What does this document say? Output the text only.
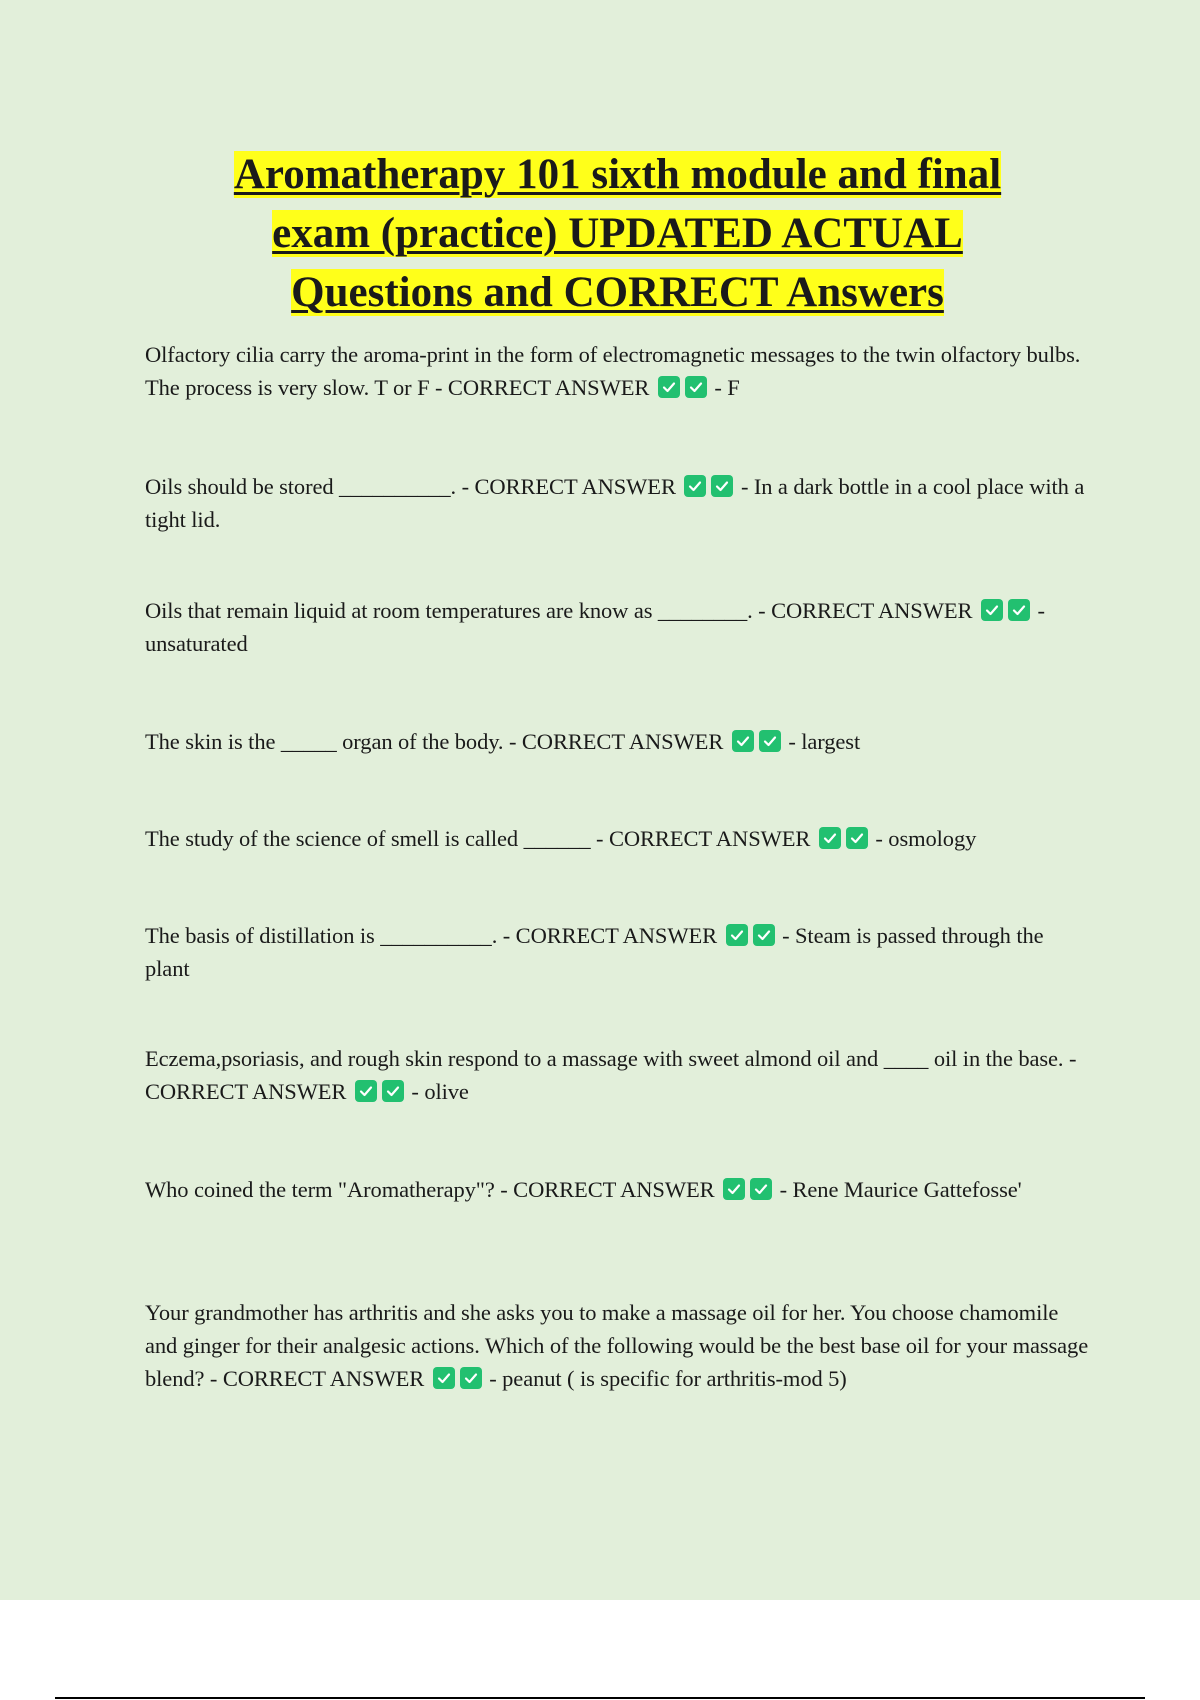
Aromatherapy 101 sixth module and final
exam (practice) UPDATED ACTUAL
Questions and CORRECT Answers
Olfactory cilia carry the aroma-print in the form of electromagnetic messages to the twin olfactory bulbs. The process is very slow. T or F - CORRECT ANSWER	- F
Oils should be stored __________. - CORRECT ANSWER	- In a dark bottle in a cool place with a tight lid.
Oils that remain liquid at room temperatures are know as ________. - CORRECT ANSWER	- unsaturated
The skin is the _____ organ of the body. - CORRECT ANSWER	- largest
The study of the science of smell is called ______ - CORRECT ANSWER	- osmology
The basis of distillation is __________. - CORRECT ANSWER	- Steam is passed through the plant
Eczema,psoriasis, and rough skin respond to a massage with sweet almond oil and ____ oil in the base. - CORRECT ANSWER	- olive
Who coined the term "Aromatherapy"? - CORRECT ANSWER	- Rene Maurice Gattefosse'
Your grandmother has arthritis and she asks you to make a massage oil for her. You choose chamomile and ginger for their analgesic actions. Which of the following would be the best base oil for your massage blend? - CORRECT ANSWER	- peanut ( is specific for arthritis-mod 5)
